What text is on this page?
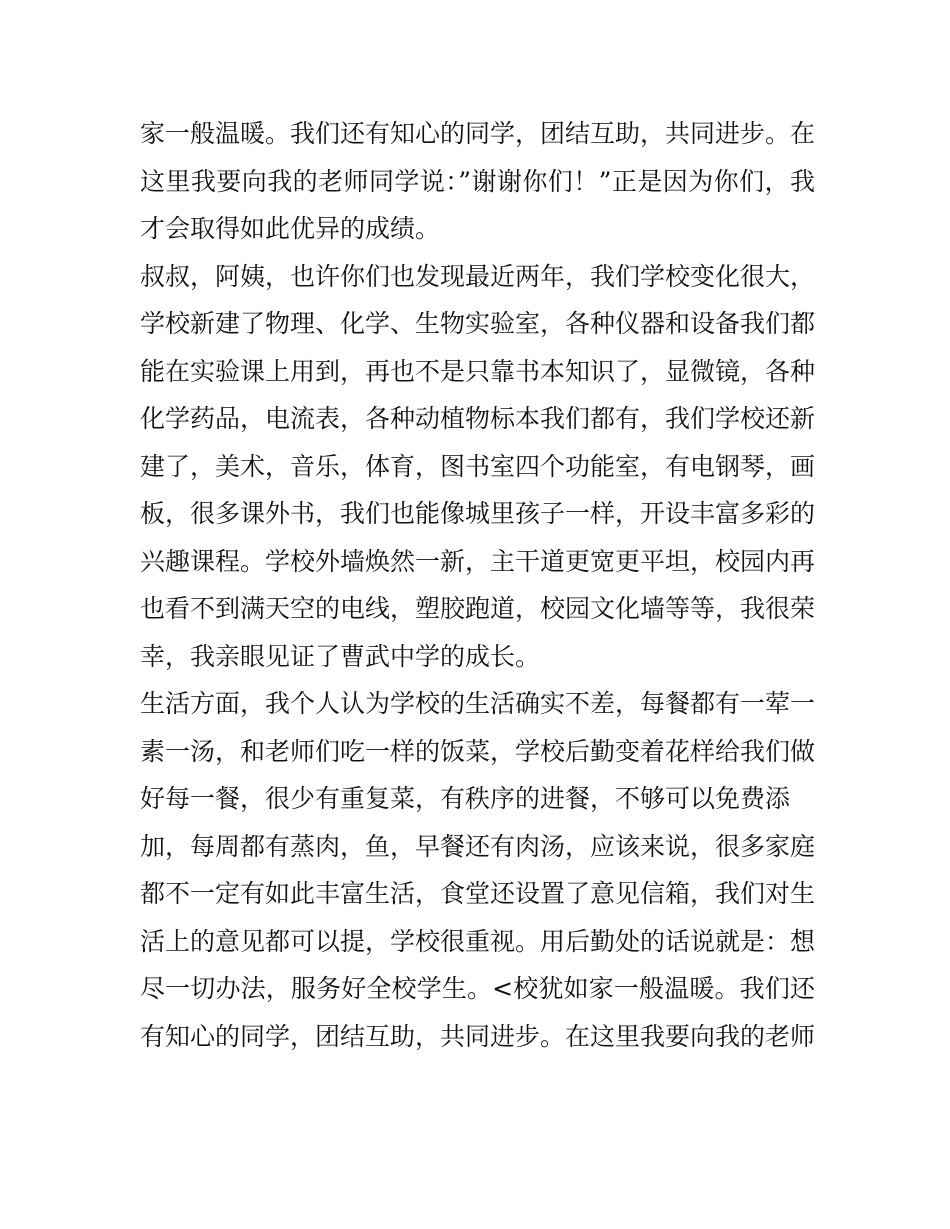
家一般温暖。我们还有知心的同学，团结互助，共同进步。在
这里我要向我的老师同学说：”谢谢你们！”正是因为你们，我
才会取得如此优异的成绩。
叔叔，阿姨，也许你们也发现最近两年，我们学校变化很大，
学校新建了物理、化学、生物实验室，各种仪器和设备我们都
能在实验课上用到，再也不是只靠书本知识了，显微镜，各种
化学药品，电流表，各种动植物标本我们都有，我们学校还新
建了，美术，音乐，体育，图书室四个功能室，有电钢琴，画
板，很多课外书，我们也能像城里孩子一样，开设丰富多彩的
兴趣课程。学校外墙焕然一新，主干道更宽更平坦，校园内再
也看不到满天空的电线，塑胶跑道，校园文化墙等等，我很荣
幸，我亲眼见证了曹武中学的成长。
生活方面，我个人认为学校的生活确实不差，每餐都有一荤一
素一汤，和老师们吃一样的饭菜，学校后勤变着花样给我们做
好每一餐，很少有重复菜，有秩序的进餐，不够可以免费添
加，每周都有蒸肉，鱼，早餐还有肉汤，应该来说，很多家庭
都不一定有如此丰富生活，食堂还设置了意见信箱，我们对生
活上的意见都可以提，学校很重视。用后勤处的话说就是：想
尽一切办法，服务好全校学生。<校犹如家一般温暖。我们还
有知心的同学，团结互助，共同进步。在这里我要向我的老师
